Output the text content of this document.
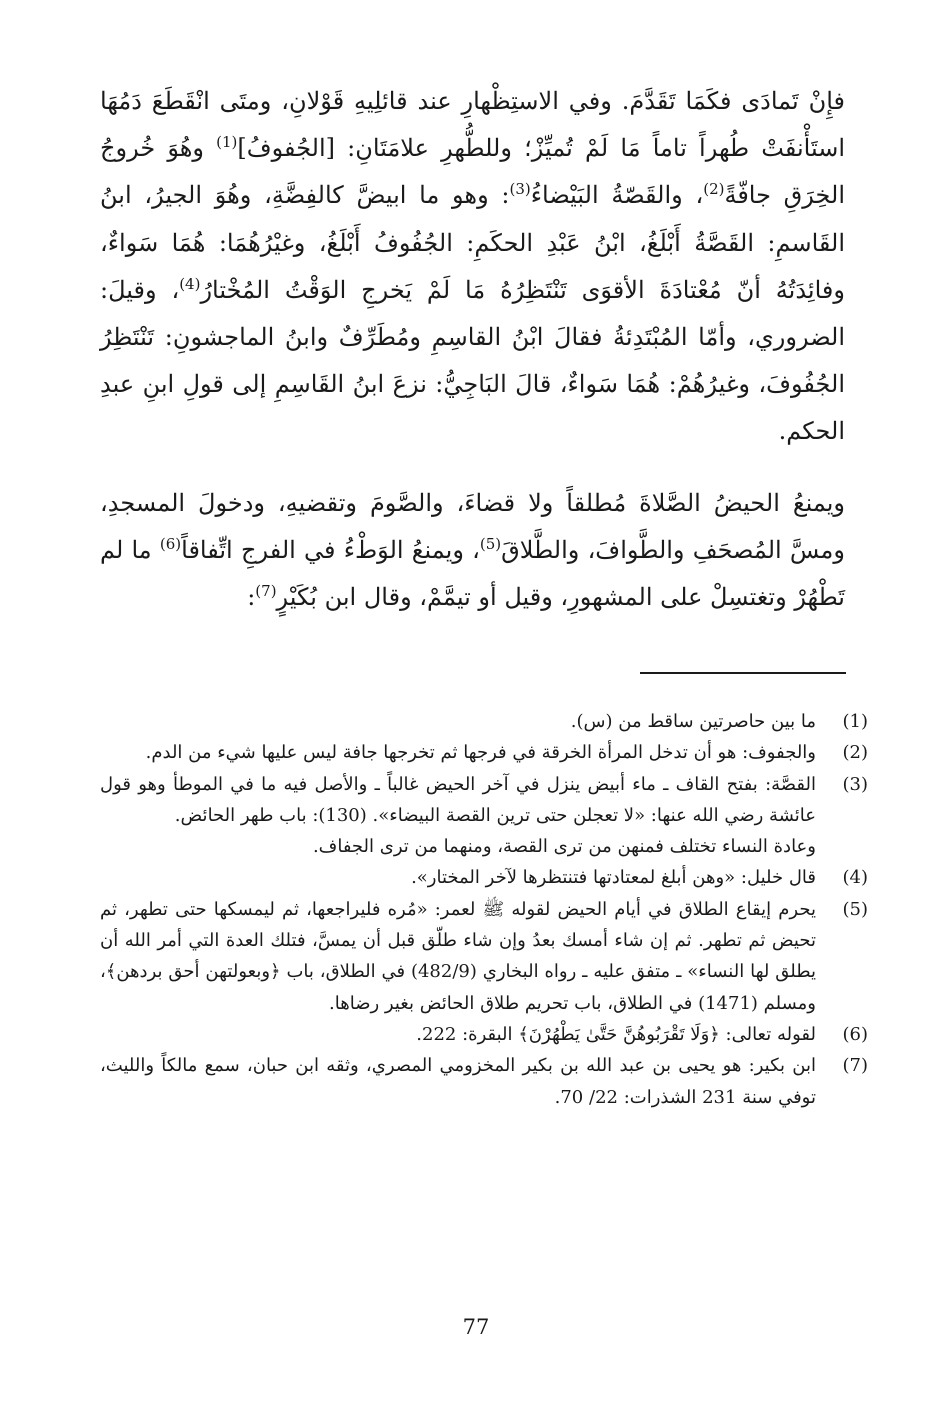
فإِنْ تَمادَى فكَمَا تَقَدَّمَ. وفي الاستِظْهارِ عند قائلِيهِ قَوْلانِ، ومتَى انْقَطَعَ دَمُهَا استَأْنفَتْ طُهراً تاماً مَا لَمْ تُميِّزْ؛ وللطُّهرِ علامَتَانِ: [الجُفوفُ]$^{(1)}$ وهُوَ خُروجُ الخِرَقِ جافّةً$^{(2)}$، والقَصّةُ البَيْضاءُ$^{(3)}$: وهو ما ابيضَّ كالفِضَّةِ، وهُوَ الجيرُ، ابنُ القَاسمِ: القَصَّةُ أَبْلَغُ، ابْنُ عَبْدِ الحكَمِ: الجُفُوفُ أَبْلَغُ، وغيْرُهُمَا: هُمَا سَواءٌ، وفائِدَتُهُ أنّ مُعْتادَةَ الأقوَى تَنْتَظِرُهُ مَا لَمْ يَخرجِ الوَقْتُ المُخْتارُ$^{(4)}$، وقيلَ: الضروري، وأمّا المُبْتَدِئةُ فقالَ ابْنُ القاسِمِ ومُطَرِّفٌ وابنُ الماجشونِ: تَنْتَظِرُ الجُفُوفَ، وغيرُهُمْ: هُمَا سَواءٌ، قالَ البَاجِيُّ: نزعَ ابنُ القَاسِمِ إلى قولِ ابنِ عبدِ الحكم.

ويمنعُ الحيضُ الصَّلاةَ مُطلقاً ولا قضاءَ، والصَّومَ وتقضيهِ، ودخولَ المسجدِ، ومسَّ المُصحَفِ والطَّوافَ، والطَّلاقَ$^{(5)}$، ويمنعُ الوَطْءُ في الفرجِ اتِّفاقاً$^{(6)}$ ما لم تَطْهُرْ وتغتسِلْ على المشهورِ، وقيل أو تيمَّمْ، وقال ابن بُكَيْرٍ$^{(7)}$:

(1)
ما بين حاصرتين ساقط من (س).
(2)
والجفوف: هو أن تدخل المرأة الخرقة في فرجها ثم تخرجها جافة ليس عليها شيء من الدم.
(3)
القصَّة: بفتح القاف ـ ماء أبيض ينزل في آخر الحيض غالباً ـ والأصل فيه ما في الموطأ وهو قول عائشة رضي الله عنها: «لا تعجلن حتى ترين القصة البيضاء». (130): باب طهر الحائض.
وعادة النساء تختلف فمنهن من ترى القصة، ومنهما من ترى الجفاف.
(4)
قال خليل: «وهن أبلغ لمعتادتها فتنتظرها لآخر المختار».
(5)
يحرم إيقاع الطلاق في أيام الحيض لقوله ﷺ لعمر: «مُره فليراجعها، ثم ليمسكها حتى تطهر، ثم تحيض ثم تطهر. ثم إن شاء أمسك بعدُ وإن شاء طلّق قبل أن يمسَّ، فتلك العدة التي أمر الله أن يطلق لها النساء» ـ متفق عليه ـ رواه البخاري (482/9) في الطلاق، باب ﴿وبعولتهن أحق بردهن﴾، ومسلم (1471) في الطلاق، باب تحريم طلاق الحائض بغير رضاها.
(6)
لقوله تعالى: ﴿وَلَا تَقْرَبُوهُنَّ حَتَّىٰ يَطْهُرْنَ﴾ البقرة: 222.
(7)
ابن بكير: هو يحيى بن عبد الله بن بكير المخزومي المصري، وثقه ابن حبان، سمع مالكاً والليث، توفي سنة 231 الشذرات: 22/ 70.
77
